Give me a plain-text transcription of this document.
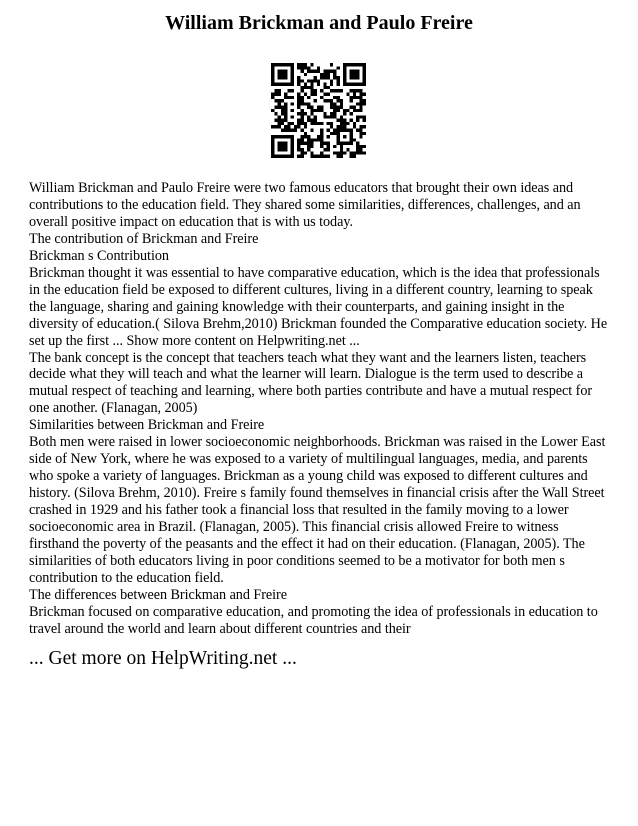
William Brickman and Paulo Freire

William Brickman and Paulo Freire were two famous educators that brought their own ideas and contributions to the education field. They shared some similarities, differences, challenges, and an overall positive impact on education that is with us today.

The contribution of Brickman and Freire

Brickman s Contribution

Brickman thought it was essential to have comparative education, which is the idea that professionals in the education field be exposed to different cultures, living in a different country, learning to speak the language, sharing and gaining knowledge with their counterparts, and gaining insight in the diversity of education.( Silova Brehm,2010) Brickman founded the Comparative education society. He set up the first ... Show more content on Helpwriting.net ...

The bank concept is the concept that teachers teach what they want and the learners listen, teachers decide what they will teach and what the learner will learn. Dialogue is the term used to describe a mutual respect of teaching and learning, where both parties contribute and have a mutual respect for one another. (Flanagan, 2005)

Similarities between Brickman and Freire

Both men were raised in lower socioeconomic neighborhoods. Brickman was raised in the Lower East side of New York, where he was exposed to a variety of multilingual languages, media, and parents who spoke a variety of languages. Brickman as a young child was exposed to different cultures and history. (Silova Brehm, 2010). Freire s family found themselves in financial crisis after the Wall Street crashed in 1929 and his father took a financial loss that resulted in the family moving to a lower socioeconomic area in Brazil. (Flanagan, 2005). This financial crisis allowed Freire to witness firsthand the poverty of the peasants and the effect it had on their education. (Flanagan, 2005). The similarities of both educators living in poor conditions seemed to be a motivator for both men s contribution to the education field.

The differences between Brickman and Freire

Brickman focused on comparative education, and promoting the idea of professionals in education to travel around the world and learn about different countries and their

... Get more on HelpWriting.net ...
